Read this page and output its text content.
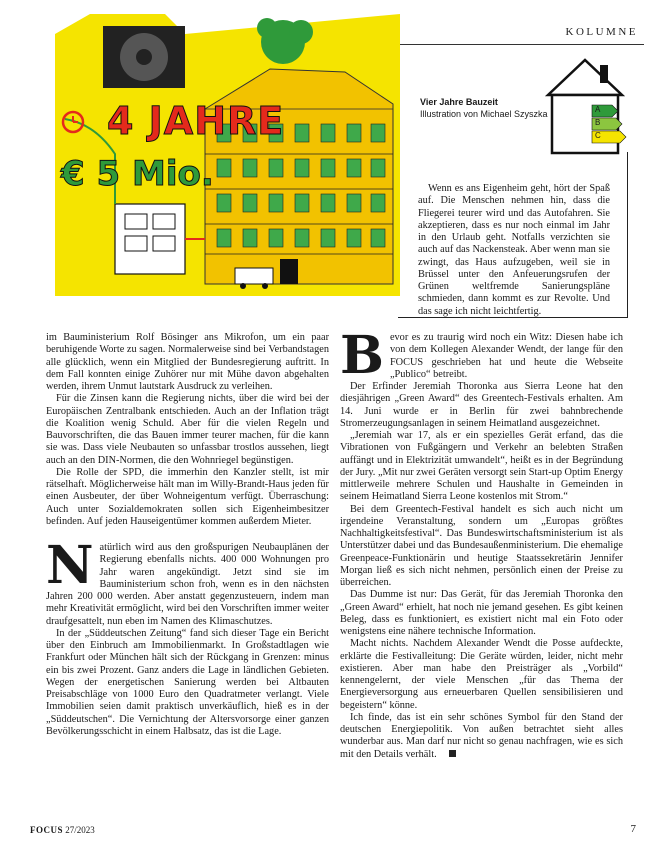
KOLUMNE
4 JAHRE
€ 5 Mio.
Vier Jahre Bauzeit
Illustration von Michael Szyszka	A
B
C

Wenn es ans Eigenheim geht, hört der Spaß auf. Die Menschen nehmen hin, dass die Fliegerei teurer wird und das Autofahren. Sie akzeptieren, dass es nur noch einmal im Jahr in den Urlaub geht. Notfalls verzichten sie auch auf das Nackensteak. Aber wenn man sie zwingt, das Haus aufzugeben, weil sie in Brüssel unter den Anfeuerungsrufen der Grünen weltfremde Sanierungspläne schmieden, dann kommt es zur Revolte. Und das sage ich nicht leichtfertig.

im Bauministerium Rolf Bösinger ans Mikrofon, um ein paar beruhigende Worte zu sagen. Normalerweise sind bei Verbandstagen alle glücklich, wenn ein Mitglied der Bundesregierung auftritt. In dem Fall konnten einige Zuhörer nur mit Mühe davon abgehalten werden, ihrem Unmut lautstark Ausdruck zu verleihen.

Für die Zinsen kann die Regierung nichts, über die wird bei der Europäischen Zentralbank entschieden. Auch an der Inflation trägt die Koalition wenig Schuld. Aber für die vielen Regeln und Bauvorschriften, die das Bauen immer teurer machen, für die kann sie was. Dass viele Neubauten so unfassbar trostlos aussehen, liegt auch an den DIN-Normen, die den Wohnriegel begünstigen.

Die Rolle der SPD, die immerhin den Kanzler stellt, ist mir rätselhaft. Möglicherweise hält man im Willy-Brandt-Haus jeden für einen Ausbeuter, der über Wohneigentum verfügt. Überraschung: Auch unter Sozialdemokraten sollen sich Eigenheimbesitzer befinden. Auf jeden Hauseigentümer kommen außerdem Mieter.

Natürlich wird aus den großspurigen Neubauplänen der Regierung ebenfalls nichts. 400 000 Wohnungen pro Jahr waren angekündigt. Jetzt sind sie im Bauministerium schon froh, wenn es in den nächsten Jahren 200 000 werden. Aber anstatt gegenzusteuern, indem man mehr Kreativität ermöglicht, wird bei den Vorschriften immer weiter draufgesattelt, nun eben im Namen des Klimaschutzes.

In der „Süddeutschen Zeitung“ fand sich dieser Tage ein Bericht über den Einbruch am Immobilienmarkt. In Großstadtlagen wie Frankfurt oder München hält sich der Rückgang in Grenzen: minus ein bis zwei Prozent. Ganz anders die Lage in ländlichen Gebieten. Wegen der energetischen Sanierung werden bei Altbauten Preisabschläge von 1000 Euro den Quadratmeter verlangt. Viele Immobilien seien damit praktisch unverkäuflich, hieß es in der „Süddeutschen“. Die Vernichtung der Altersvorsorge einer ganzen Bevölkerungsschicht in einem Halbsatz, das ist die Lage.

Bevor es zu traurig wird noch ein Witz: Diesen habe ich von dem Kollegen Alexander Wendt, der lange für den FOCUS geschrieben hat und heute die Webseite „Publico“ betreibt.

Der Erfinder Jeremiah Thoronka aus Sierra Leone hat den diesjährigen „Green Award“ des Greentech-Festivals erhalten. Am 14. Juni wurde er in Berlin für zwei bahnbrechende Stromerzeugungsanlagen in seinem Heimatland ausgezeichnet.

„Jeremiah war 17, als er ein spezielles Gerät erfand, das die Vibrationen von Fußgängern und Verkehr an belebten Straßen auffängt und in Elektrizität umwandelt“, heißt es in der Begründung der Jury. „Mit nur zwei Geräten versorgt sein Start-up Optim Energy mittlerweile mehrere Schulen und Haushalte in Gemeinden in seinem Heimatland Sierra Leone kostenlos mit Strom.“

Bei dem Greentech-Festival handelt es sich auch nicht um irgendeine Veranstaltung, sondern um „Europas größtes Nachhaltigkeitsfestival“. Das Bundeswirtschaftsministerium ist als Unterstützer dabei und das Bundesaußenministerium. Die ehemalige Greenpeace-Funktionärin und heutige Staatssekretärin Jennifer Morgan ließ es sich nicht nehmen, persönlich einen der Preise zu überreichen.

Das Dumme ist nur: Das Gerät, für das Jeremiah Thoronka den „Green Award“ erhielt, hat noch nie jemand gesehen. Es gibt keinen Beleg, dass es funktioniert, es existiert nicht mal ein Foto oder wenigstens eine nähere technische Information.

Macht nichts. Nachdem Alexander Wendt die Posse aufdeckte, erklärte die Festivalleitung: Die Geräte würden, leider, nicht mehr existieren. Aber man habe den Preisträger als „Vorbild“ kennengelernt, der viele Menschen „für das Thema der Energieversorgung aus erneuerbaren Quellen sensibilisieren und begeistern“ könne.

Ich finde, das ist ein sehr schönes Symbol für den Stand der deutschen Energiepolitik. Von außen betrachtet sieht alles wunderbar aus. Man darf nur nicht so genau nachfragen, wie es sich mit den Details verhält.

FOCUS 27/2023	7
